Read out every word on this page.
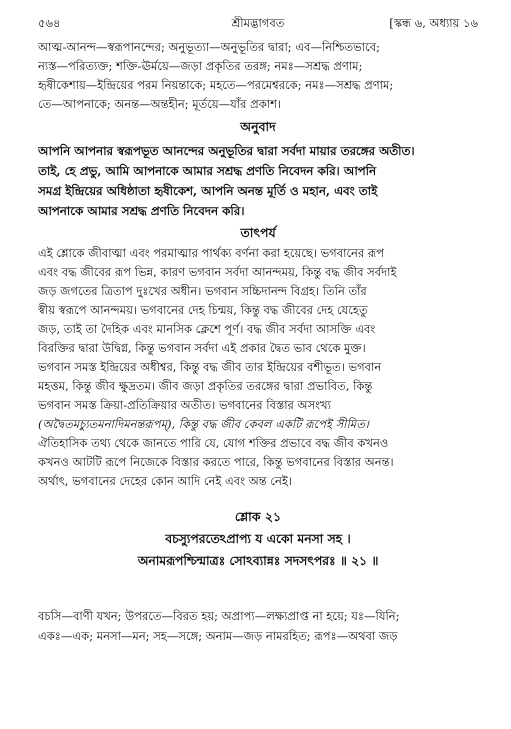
৫৬৪	শ্রীমদ্ভাগবত	[স্কন্ধ ৬, অধ্যায় ১৬
আত্ম-আনন্দ—স্বরূপানন্দের; অনুভূত্যা—অনুভূতির দ্বারা; এব—নিশ্চিতভাবে;
ন্যস্ত—পরিত্যক্ত; শক্তি-ঊর্ময়ে—জড়া প্রকৃতির তরঙ্গ; নমঃ—সশ্রদ্ধ প্রণাম;
হৃষীকেশায়—ইন্দ্রিয়ের পরম নিয়ন্তাকে; মহতে—পরমেশ্বরকে; নমঃ—সশ্রদ্ধ প্রণাম;
তে—আপনাকে; অনন্ত—অন্তহীন; মূর্তয়ে—যাঁর প্রকাশ।
অনুবাদ
আপনি আপনার স্বরূপভূত আনন্দের অনুভূতির দ্বারা সর্বদা মায়ার তরঙ্গের অতীত।
তাই, হে প্রভু, আমি আপনাকে আমার সশ্রদ্ধ প্রণতি নিবেদন করি। আপনি
সমগ্র ইন্দ্রিয়ের অধিষ্ঠাতা হৃষীকেশ, আপনি অনন্ত মূর্তি ও মহান, এবং তাই
আপনাকে আমার সশ্রদ্ধ প্রণতি নিবেদন করি।
তাৎপর্য
এই শ্লোকে জীবাত্মা এবং পরমাত্মার পার্থক্য বর্ণনা করা হয়েছে। ভগবানের রূপ
এবং বদ্ধ জীবের রূপ ভিন্ন, কারণ ভগবান সর্বদা আনন্দময়, কিন্তু বদ্ধ জীব সর্বদাই
জড় জগতের ত্রিতাপ দুঃখের অধীন। ভগবান সচ্চিদানন্দ বিগ্রহ। তিনি তাঁর
স্বীয় স্বরূপে আনন্দময়। ভগবানের দেহ চিন্ময়, কিন্তু বদ্ধ জীবের দেহ যেহেতু
জড়, তাই তা দৈহিক এবং মানসিক ক্লেশে পূর্ণ। বদ্ধ জীব সর্বদা আসক্তি এবং
বিরক্তির দ্বারা উদ্বিগ্ন, কিন্তু ভগবান সর্বদা এই প্রকার দ্বৈত ভাব থেকে মুক্ত।
ভগবান সমস্ত ইন্দ্রিয়ের অধীশ্বর, কিন্তু বদ্ধ জীব তার ইন্দ্রিয়ের বশীভূত। ভগবান
মহত্তম, কিন্তু জীব ক্ষুদ্রতম। জীব জড়া প্রকৃতির তরঙ্গের দ্বারা প্রভাবিত, কিন্তু
ভগবান সমস্ত ক্রিয়া-প্রতিক্রিয়ার অতীত। ভগবানের বিস্তার অসংখ্য
(অদ্বৈতমচ্যুতমনাদিমনন্তরূপম্), কিন্তু বদ্ধ জীব কেবল একটি রূপেই সীমিত।
ঐতিহাসিক তথ্য থেকে জানতে পারি যে, যোগ শক্তির প্রভাবে বদ্ধ জীব কখনও
কখনও আটটি রূপে নিজেকে বিস্তার করতে পারে, কিন্তু ভগবানের বিস্তার অনন্ত।
অর্থাৎ, ভগবানের দেহের কোন আদি নেই এবং অন্ত নেই।
শ্লোক ২১
বচস্যুপরতেঽপ্রাপ্য য একো মনসা সহ ।
অনামরূপশ্চিন্মাত্রঃ সোঽব্যান্নঃ সদসৎপরঃ ॥ ২১ ॥
বচসি—বাণী যখন; উপরতে—বিরত হয়; অপ্রাপ্য—লক্ষ্যপ্রাপ্ত না হয়ে; যঃ—যিনি;
একঃ—এক; মনসা—মন; সহ—সঙ্গে; অনাম—জড় নামরহিত; রূপঃ—অথবা জড়
